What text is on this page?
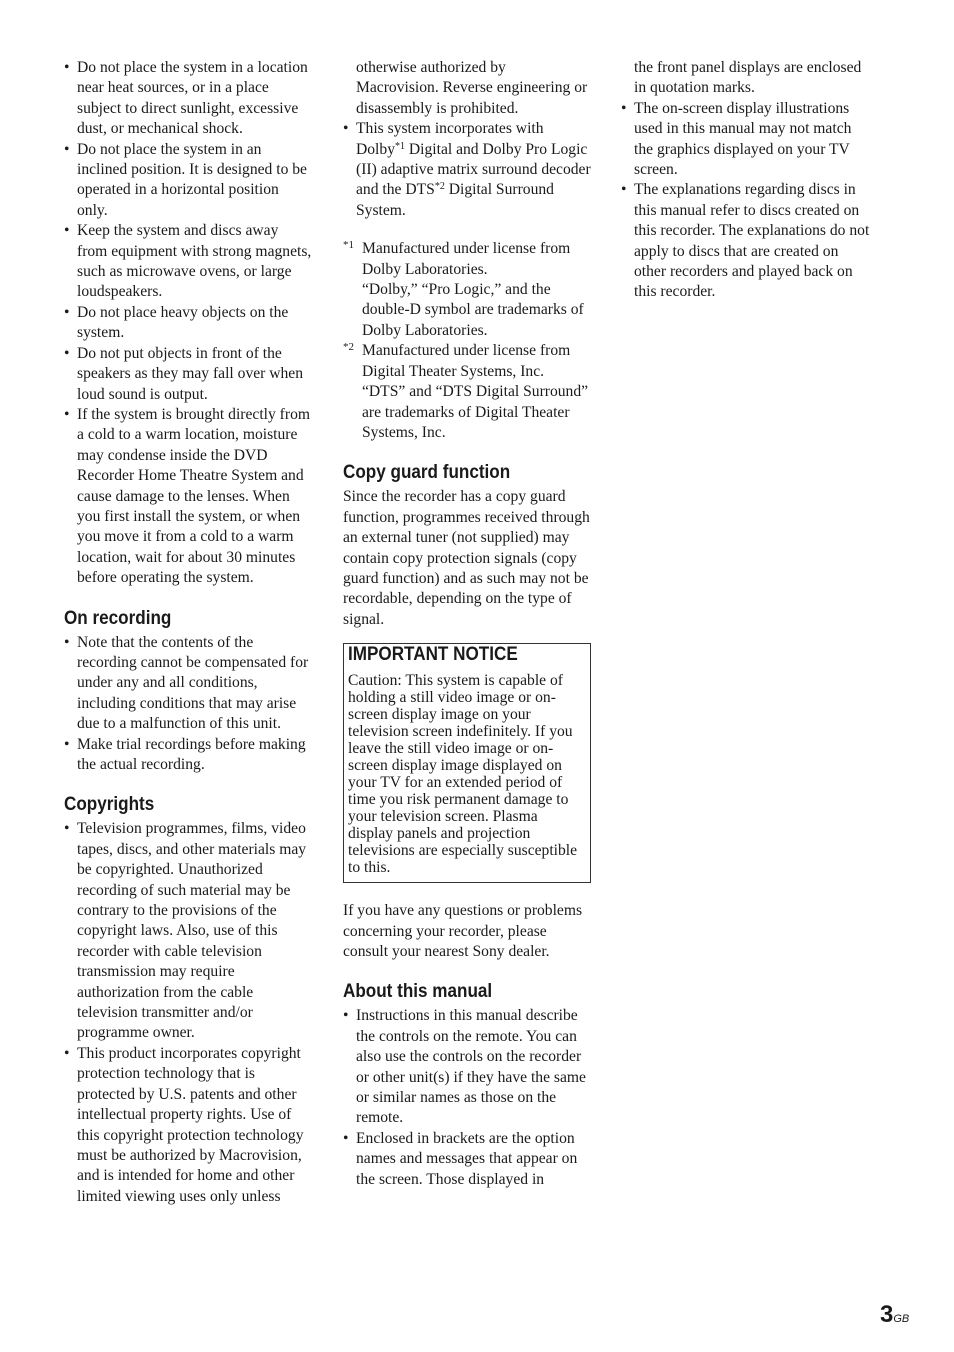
• Do not place the system in a location near heat sources, or in a place subject to direct sunlight, excessive dust, or mechanical shock.
• Do not place the system in an inclined position. It is designed to be operated in a horizontal position only.
• Keep the system and discs away from equipment with strong magnets, such as microwave ovens, or large loudspeakers.
• Do not place heavy objects on the system.
• Do not put objects in front of the speakers as they may fall over when loud sound is output.
• If the system is brought directly from a cold to a warm location, moisture may condense inside the DVD Recorder Home Theatre System and cause damage to the lenses. When you first install the system, or when you move it from a cold to a warm location, wait for about 30 minutes before operating the system.
On recording
• Note that the contents of the recording cannot be compensated for under any and all conditions, including conditions that may arise due to a malfunction of this unit.
• Make trial recordings before making the actual recording.
Copyrights
• Television programmes, films, video tapes, discs, and other materials may be copyrighted. Unauthorized recording of such material may be contrary to the provisions of the copyright laws. Also, use of this recorder with cable television transmission may require authorization from the cable television transmitter and/or programme owner.
• This product incorporates copyright protection technology that is protected by U.S. patents and other intellectual property rights. Use of this copyright protection technology must be authorized by Macrovision, and is intended for home and other limited viewing uses only unless
otherwise authorized by Macrovision. Reverse engineering or disassembly is prohibited.
• This system incorporates with Dolby$^{*1}$ Digital and Dolby Pro Logic (II) adaptive matrix surround decoder and the DTS$^{*2}$ Digital Surround System.
*1 Manufactured under license from Dolby Laboratories.

“Dolby,” “Pro Logic,” and the double-D symbol are trademarks of Dolby Laboratories.

*2 Manufactured under license from Digital Theater Systems, Inc.

“DTS” and “DTS Digital Surround” are trademarks of Digital Theater Systems, Inc.

Copy guard function

Since the recorder has a copy guard function, programmes received through an external tuner (not supplied) may contain copy protection signals (copy guard function) and as such may not be recordable, depending on the type of signal.

IMPORTANT NOTICE

Caution: This system is capable of holding a still video image or on-screen display image on your television screen indefinitely. If you leave the still video image or on-screen display image displayed on your TV for an extended period of time you risk permanent damage to your television screen. Plasma display panels and projection televisions are especially susceptible to this.

If you have any questions or problems concerning your recorder, please consult your nearest Sony dealer.

About this manual
• Instructions in this manual describe the controls on the remote. You can also use the controls on the recorder or other unit(s) if they have the same or similar names as those on the remote.
• Enclosed in brackets are the option names and messages that appear on the screen. Those displayed in

the front panel displays are enclosed in quotation marks.

• The on-screen display illustrations used in this manual may not match the graphics displayed on your TV screen.
• The explanations regarding discs in this manual refer to discs created on this recorder. The explanations do not apply to discs that are created on other recorders and played back on this recorder.
3GB
